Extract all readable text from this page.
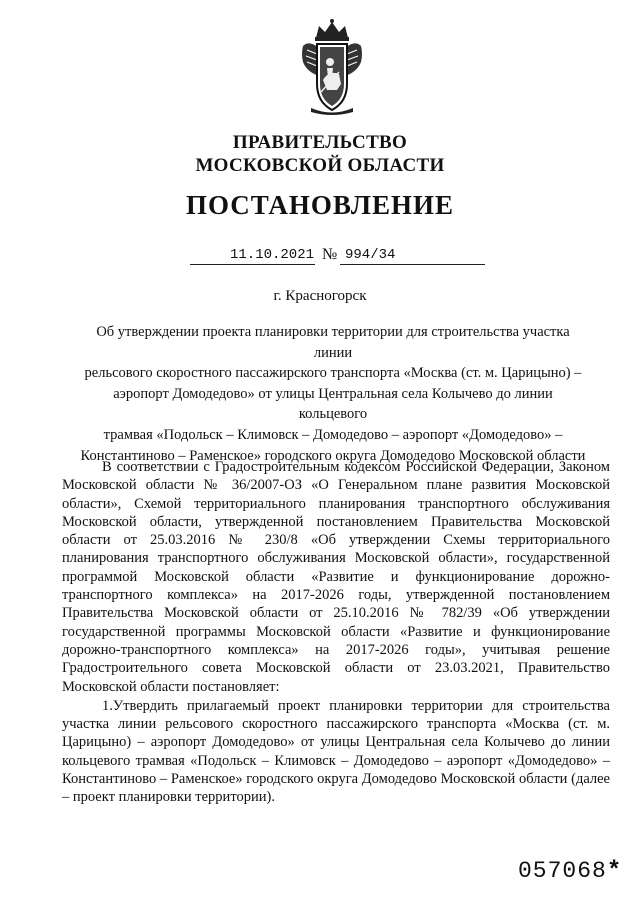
ПРАВИТЕЛЬСТВО
МОСКОВСКОЙ ОБЛАСТИ
ПОСТАНОВЛЕНИЕ
11.10.2021 № 994/34
г. Красногорск
Об утверждении проекта планировки территории для строительства участка линии
рельсового скоростного пассажирского транспорта «Москва (ст. м. Царицыно) –
аэропорт Домодедово» от улицы Центральная села Колычево до линии кольцевого
трамвая «Подольск – Климовск – Домодедово – аэропорт «Домодедово» –
Константиново – Раменское» городского округа Домодедово Московской области

В соответствии с Градостроительным кодексом Российской Федерации, Законом Московской области № 36/2007-ОЗ «О Генеральном плане развития Московской области», Схемой территориального планирования транспортного обслуживания Московской области, утвержденной постановлением Правительства Московской области от 25.03.2016 № 230/8 «Об утверждении Схемы территориального планирования транспортного обслуживания Московской области», государственной программой Московской области «Развитие и функционирование дорожно-транспортного комплекса» на 2017-2026 годы, утвержденной постановлением Правительства Московской области от 25.10.2016 № 782/39 «Об утверждении государственной программы Московской области «Развитие и функционирование дорожно-транспортного комплекса» на 2017-2026 годы», учитывая решение Градостроительного совета Московской области от 23.03.2021, Правительство Московской области постановляет:

1.Утвердить прилагаемый проект планировки территории для строительства участка линии рельсового скоростного пассажирского транспорта «Москва (ст. м. Царицыно) – аэропорт Домодедово» от улицы Центральная села Колычево до линии кольцевого трамвая «Подольск – Климовск – Домодедово – аэропорт «Домодедово» – Константиново – Раменское» городского округа Домодедово Московской области (далее – проект планировки территории).

057068*
